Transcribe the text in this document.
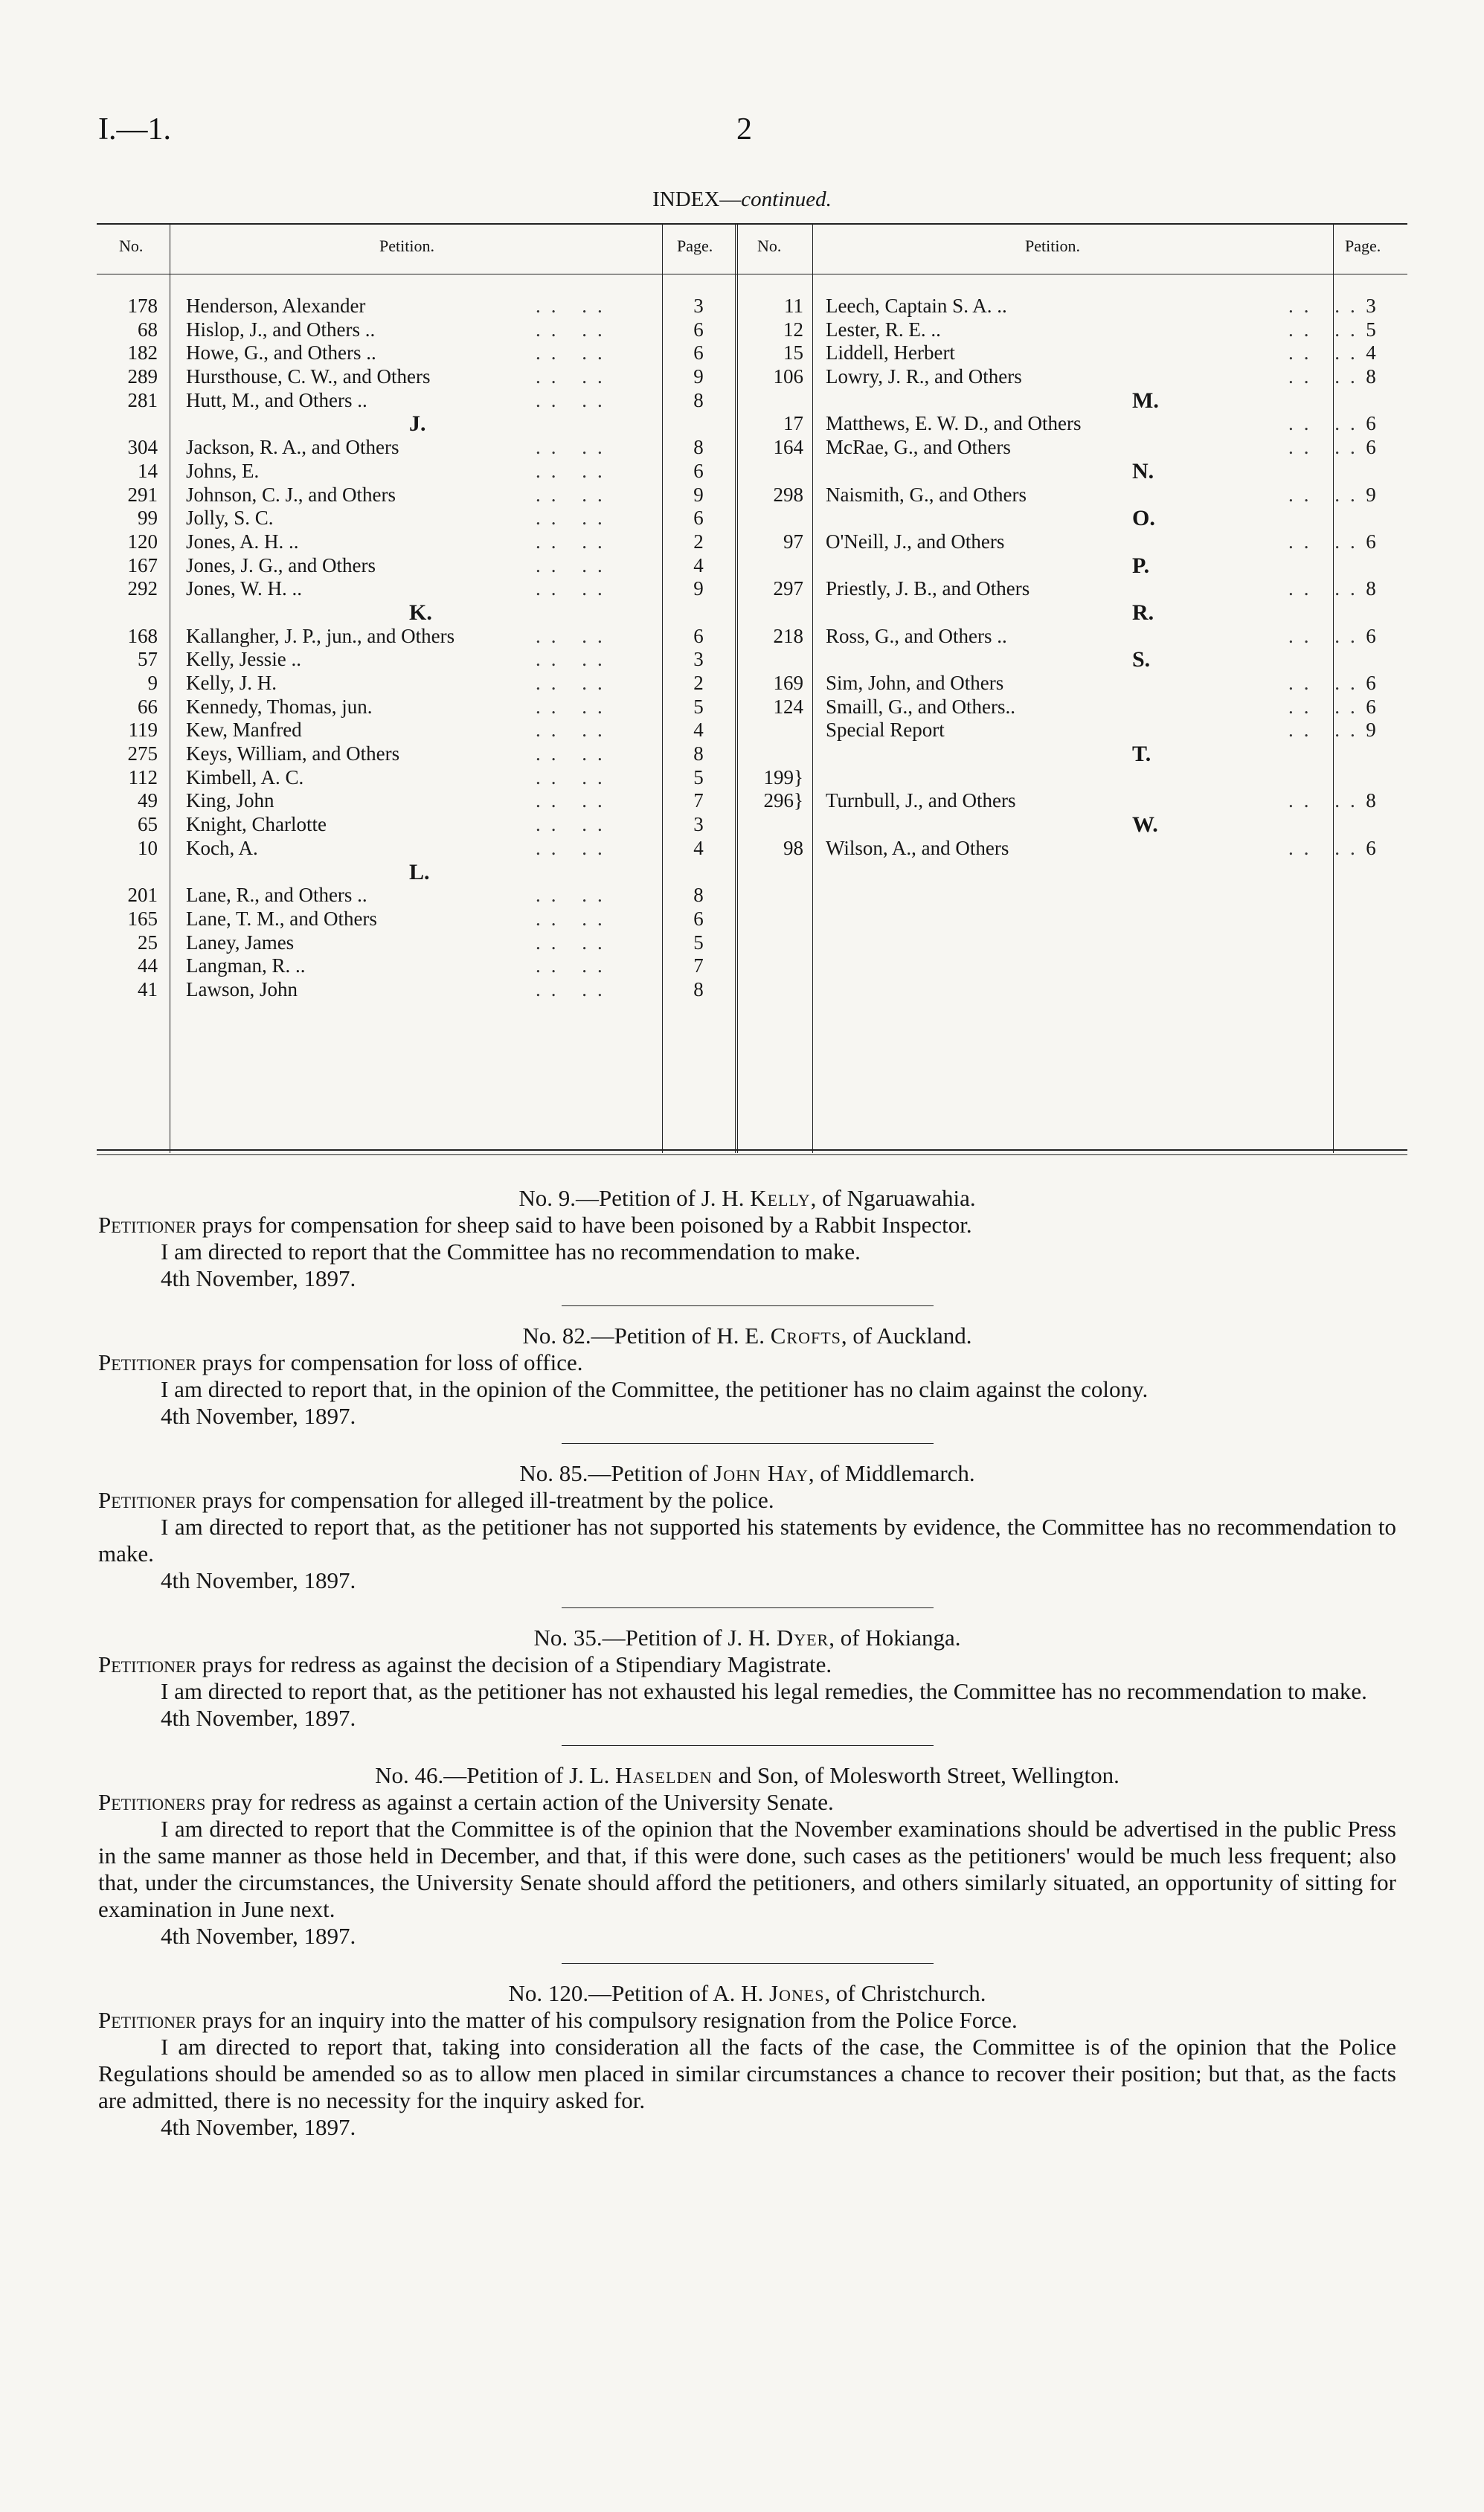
I.—1.	2
INDEX—continued.
No.	Petition.	Page.	No.	Petition.	Page.
178 Henderson, Alexander	.. ..	3
68 Hislop, J., and Others ..	.. ..	6
182 Howe, G., and Others ..	.. ..	6
289 Hursthouse, C. W., and Others	.. ..	9
281 Hutt, M., and Others ..	.. ..	8
J.
304 Jackson, R. A., and Others	.. ..	8
14 Johns, E.	.. ..	6
291 Johnson, C. J., and Others	.. ..	9
99 Jolly, S. C.	.. ..	6
120 Jones, A. H. ..	.. ..	2
167 Jones, J. G., and Others	.. ..	4
292 Jones, W. H. ..	.. ..	9
K.
168 Kallangher, J. P., jun., and Others	.. ..	6
57 Kelly, Jessie ..	.. ..	3
9 Kelly, J. H.	.. ..	2
66 Kennedy, Thomas, jun.	.. ..	5
119 Kew, Manfred	.. ..	4
275 Keys, William, and Others	.. ..	8
112 Kimbell, A. C.	.. ..	5
49 King, John	.. ..	7
65 Knight, Charlotte	.. ..	3
10 Koch, A.	.. ..	4
L.
201 Lane, R., and Others ..	.. ..	8
165 Lane, T. M., and Others	.. ..	6
25 Laney, James	.. ..	5
44 Langman, R. ..	.. ..	7
41 Lawson, John	.. ..	8
11 Leech, Captain S. A. ..	.. .. 3
12 Lester, R. E. ..	.. .. 5
15 Liddell, Herbert	.. .. 4
106 Lowry, J. R., and Others	.. .. 8
M.
17 Matthews, E. W. D., and Others	.. .. 6
164 McRae, G., and Others	.. .. 6
N.
298 Naismith, G., and Others	.. .. 9
O.
97 O'Neill, J., and Others	.. .. 6
P.
297 Priestly, J. B., and Others	.. .. 8
R.
218 Ross, G., and Others ..	.. .. 6
S.
169 Sim, John, and Others	.. .. 6
124 Smaill, G., and Others..	.. .. 6
Special Report	.. .. 9
T.
199}
296} Turnbull, J., and Others	.. .. 8
W.
98 Wilson, A., and Others	.. .. 6

No. 9.—Petition of J. H. Kelly, of Ngaruawahia.

Petitioner prays for compensation for sheep said to have been poisoned by a Rabbit Inspector.

I am directed to report that the Committee has no recommendation to make.

4th November, 1897.

No. 82.—Petition of H. E. Crofts, of Auckland.

Petitioner prays for compensation for loss of office.

I am directed to report that, in the opinion of the Committee, the petitioner has no claim against the colony.

4th November, 1897.

No. 85.—Petition of John Hay, of Middlemarch.

Petitioner prays for compensation for alleged ill-treatment by the police.

I am directed to report that, as the petitioner has not supported his statements by evidence, the Committee has no recommendation to make.

4th November, 1897.

No. 35.—Petition of J. H. Dyer, of Hokianga.

Petitioner prays for redress as against the decision of a Stipendiary Magistrate.

I am directed to report that, as the petitioner has not exhausted his legal remedies, the Committee has no recommendation to make.

4th November, 1897.

No. 46.—Petition of J. L. Haselden and Son, of Molesworth Street, Wellington.

Petitioners pray for redress as against a certain action of the University Senate.

I am directed to report that the Committee is of the opinion that the November examinations should be advertised in the public Press in the same manner as those held in December, and that, if this were done, such cases as the petitioners' would be much less frequent; also that, under the circumstances, the University Senate should afford the petitioners, and others similarly situated, an opportunity of sitting for examination in June next.

4th November, 1897.

No. 120.—Petition of A. H. Jones, of Christchurch.

Petitioner prays for an inquiry into the matter of his compulsory resignation from the Police Force.

I am directed to report that, taking into consideration all the facts of the case, the Committee is of the opinion that the Police Regulations should be amended so as to allow men placed in similar circumstances a chance to recover their position; but that, as the facts are admitted, there is no necessity for the inquiry asked for.

4th November, 1897.
